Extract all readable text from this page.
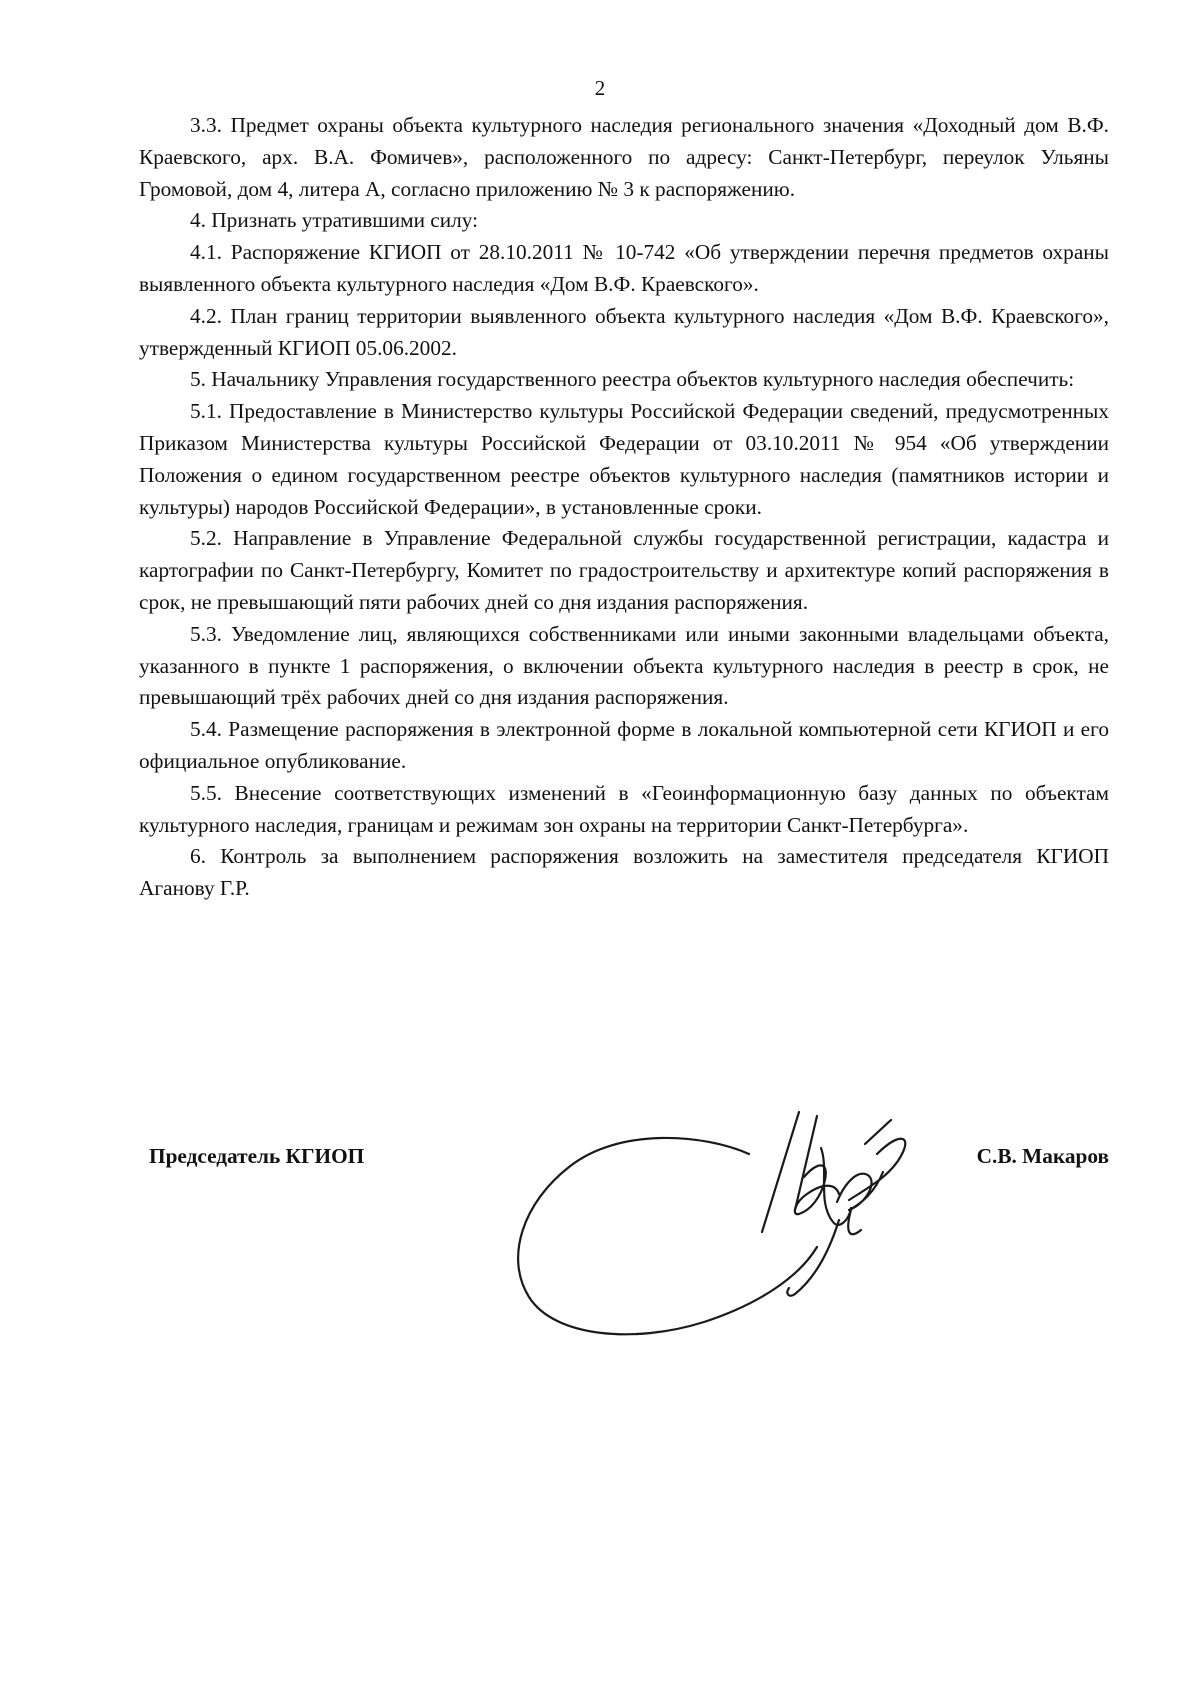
2

3.3. Предмет охраны объекта культурного наследия регионального значения «Доходный дом В.Ф. Краевского, арх. В.А. Фомичев», расположенного по адресу: Санкт-Петербург, переулок Ульяны Громовой, дом 4, литера А, согласно приложению № 3 к распоряжению.

4. Признать утратившими силу:

4.1. Распоряжение КГИОП от 28.10.2011 № 10-742 «Об утверждении перечня предметов охраны выявленного объекта культурного наследия «Дом В.Ф. Краевского».

4.2. План границ территории выявленного объекта культурного наследия «Дом В.Ф. Краевского», утвержденный КГИОП 05.06.2002.

5. Начальнику Управления государственного реестра объектов культурного наследия обеспечить:

5.1. Предоставление в Министерство культуры Российской Федерации сведений, предусмотренных Приказом Министерства культуры Российской Федерации от 03.10.2011 № 954 «Об утверждении Положения о едином государственном реестре объектов культурного наследия (памятников истории и культуры) народов Российской Федерации», в установленные сроки.

5.2. Направление в Управление Федеральной службы государственной регистрации, кадастра и картографии по Санкт-Петербургу, Комитет по градостроительству и архитектуре копий распоряжения в срок, не превышающий пяти рабочих дней со дня издания распоряжения.

5.3. Уведомление лиц, являющихся собственниками или иными законными владельцами объекта, указанного в пункте 1 распоряжения, о включении объекта культурного наследия в реестр в срок, не превышающий трёх рабочих дней со дня издания распоряжения.

5.4. Размещение распоряжения в электронной форме в локальной компьютерной сети КГИОП и его официальное опубликование.

5.5. Внесение соответствующих изменений в «Геоинформационную базу данных по объектам культурного наследия, границам и режимам зон охраны на территории Санкт-Петербурга».

6. Контроль за выполнением распоряжения возложить на заместителя председателя КГИОП Аганову Г.Р.

Председатель КГИОП	С.В. Макаров
